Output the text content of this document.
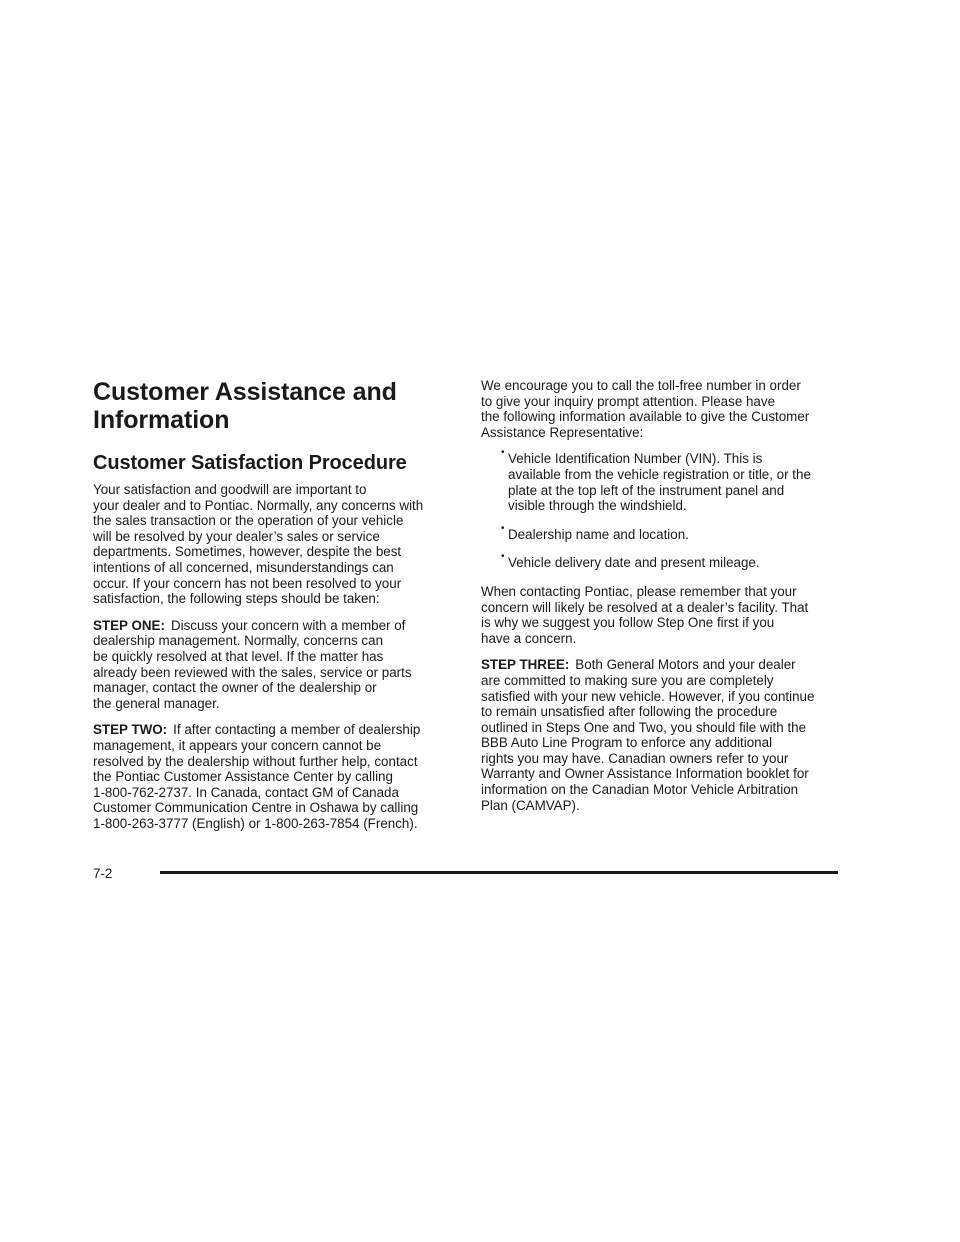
Customer Assistance and
Information
Customer Satisfaction Procedure
Your satisfaction and goodwill are important to
your dealer and to Pontiac. Normally, any concerns with
the sales transaction or the operation of your vehicle
will be resolved by your dealer’s sales or service
departments. Sometimes, however, despite the best
intentions of all concerned, misunderstandings can
occur. If your concern has not been resolved to your
satisfaction, the following steps should be taken:
STEP ONE: Discuss your concern with a member of
dealership management. Normally, concerns can
be quickly resolved at that level. If the matter has
already been reviewed with the sales, service or parts
manager, contact the owner of the dealership or
the general manager.
STEP TWO: If after contacting a member of dealership
management, it appears your concern cannot be
resolved by the dealership without further help, contact
the Pontiac Customer Assistance Center by calling
1-800-762-2737. In Canada, contact GM of Canada
Customer Communication Centre in Oshawa by calling
1-800-263-3777 (English) or 1-800-263-7854 (French).
We encourage you to call the toll-free number in order
to give your inquiry prompt attention. Please have
the following information available to give the Customer
Assistance Representative:
• Vehicle Identification Number (VIN). This is
available from the vehicle registration or title, or the
plate at the top left of the instrument panel and
visible through the windshield.
• Dealership name and location.
• Vehicle delivery date and present mileage.
When contacting Pontiac, please remember that your
concern will likely be resolved at a dealer’s facility. That
is why we suggest you follow Step One first if you
have a concern.
STEP THREE: Both General Motors and your dealer
are committed to making sure you are completely
satisfied with your new vehicle. However, if you continue
to remain unsatisfied after following the procedure
outlined in Steps One and Two, you should file with the
BBB Auto Line Program to enforce any additional
rights you may have. Canadian owners refer to your
Warranty and Owner Assistance Information booklet for
information on the Canadian Motor Vehicle Arbitration
Plan (CAMVAP).
7-2
